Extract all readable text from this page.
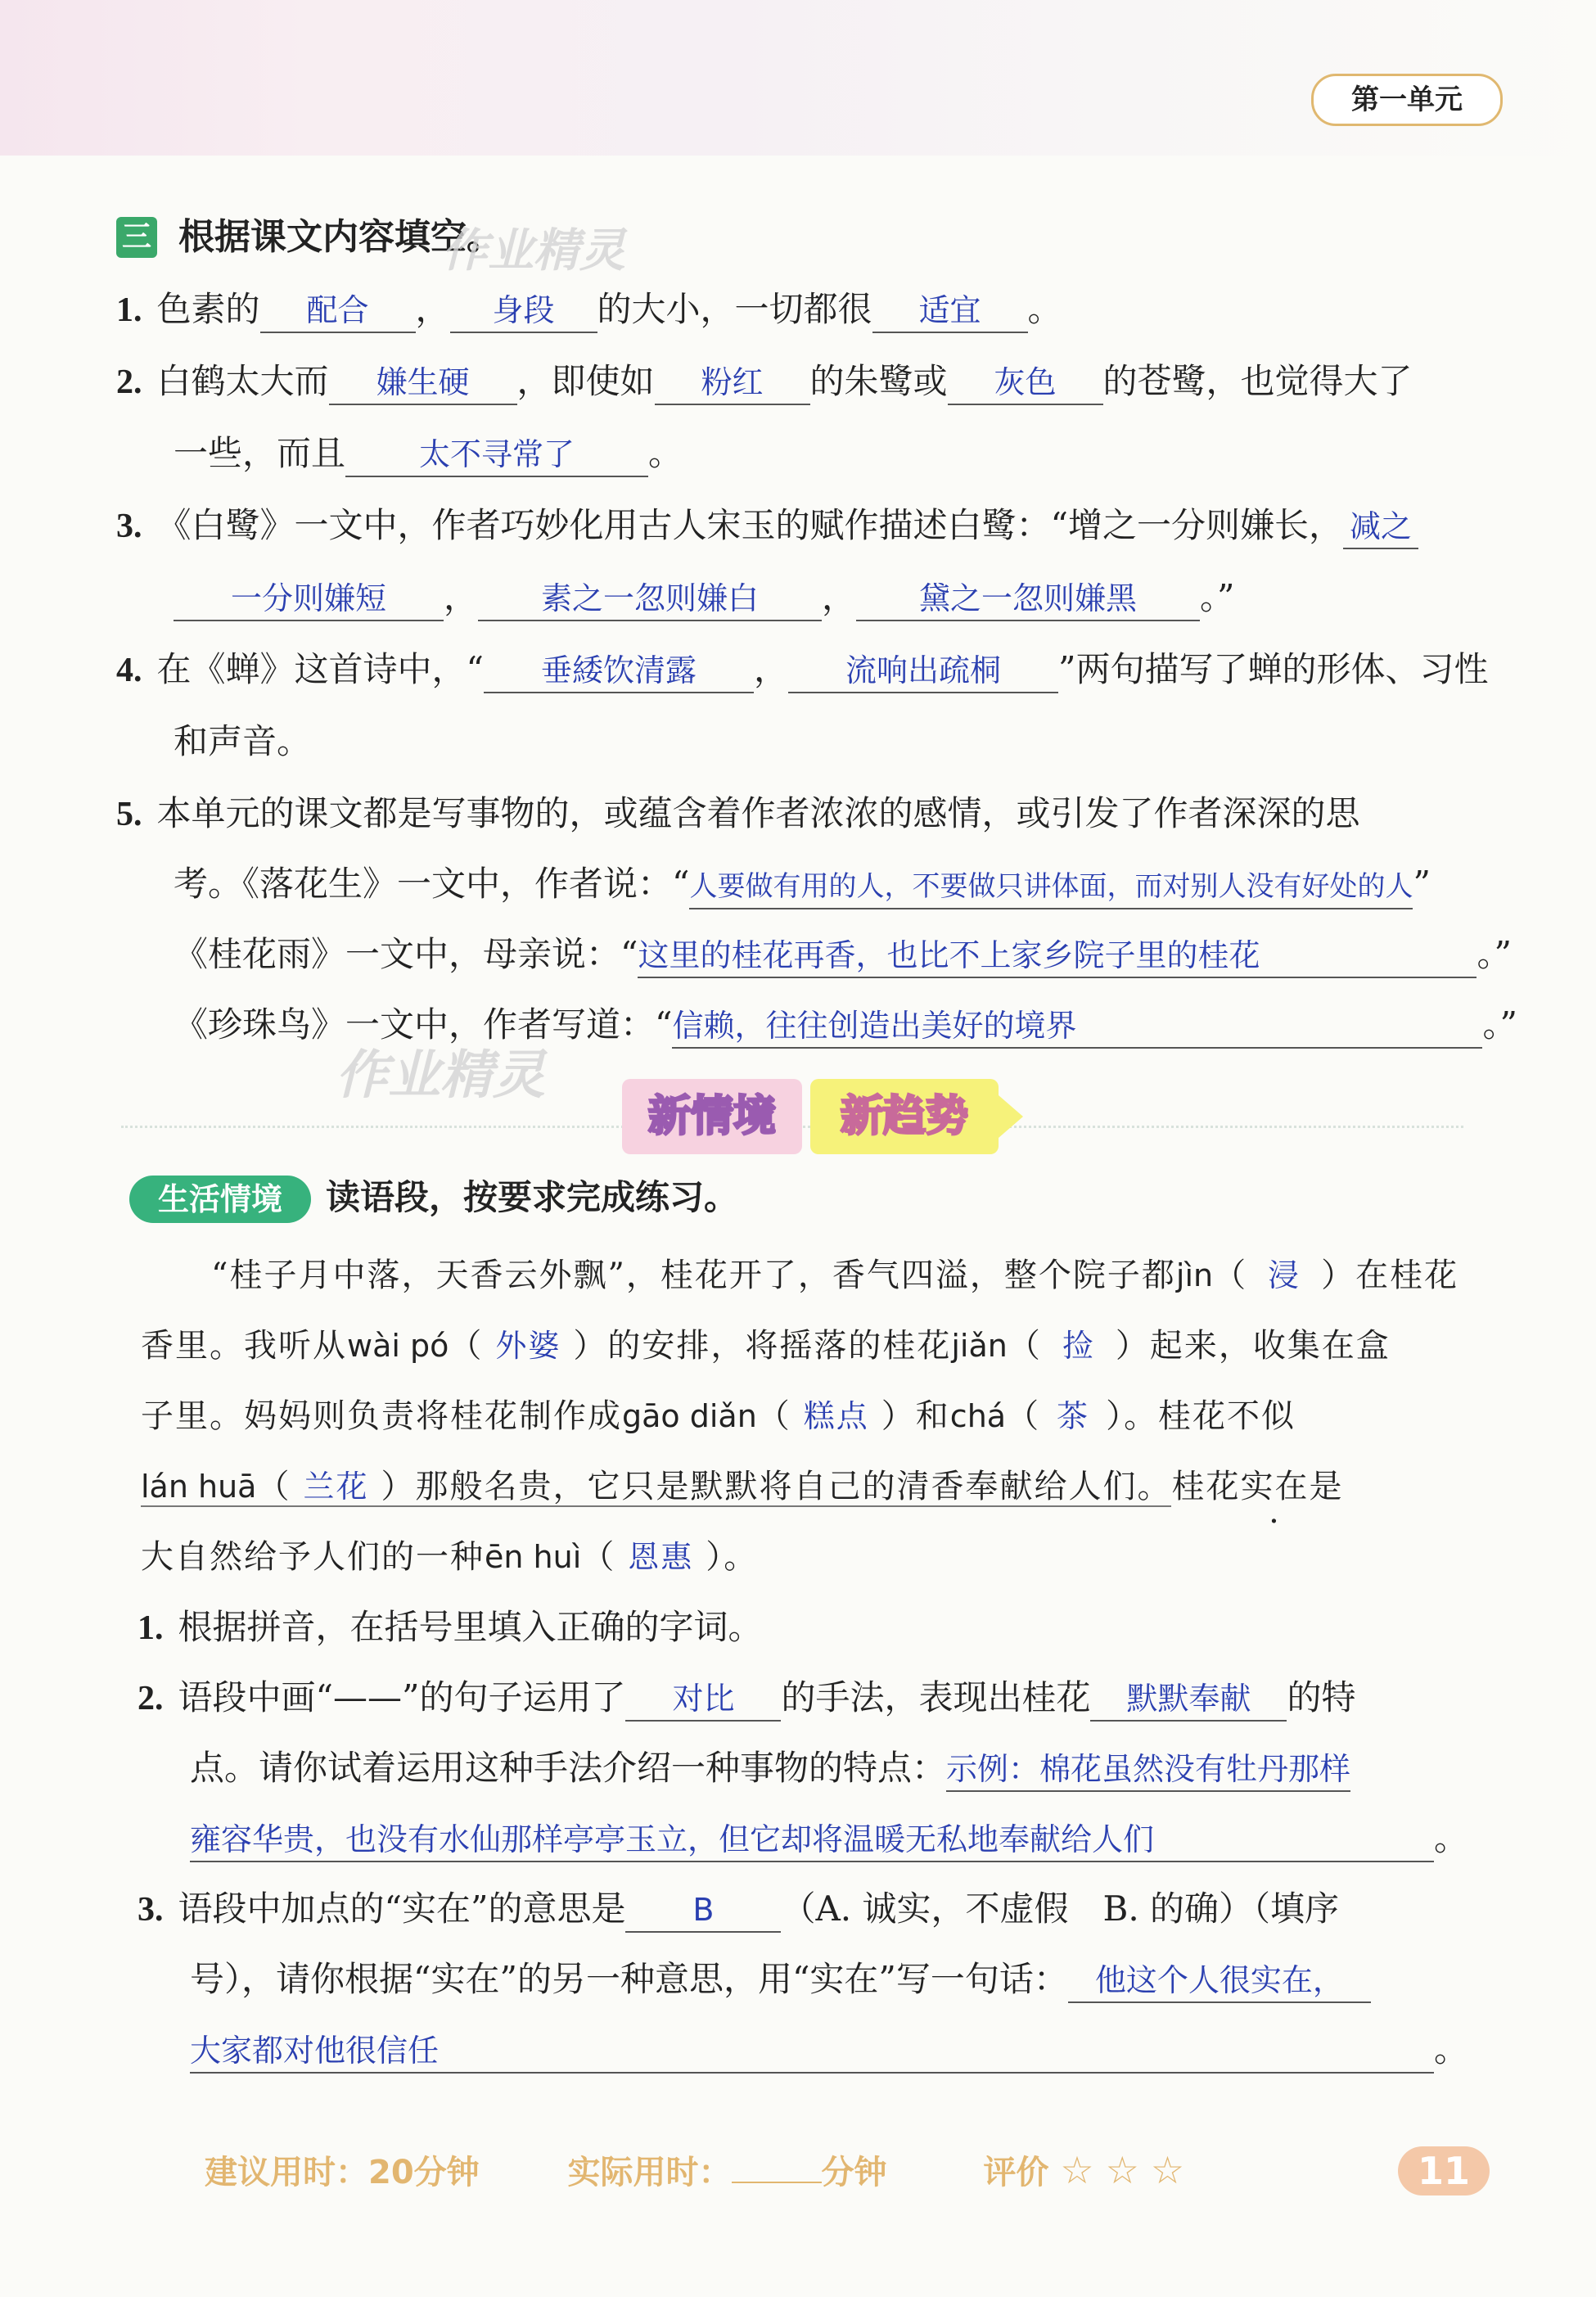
第一单元
三 根据课文内容填空。
作业精灵
1. 色素的 配合 ， 身段 的大小，一切都很 适宜 。
2. 白鹤太大而 嫌生硬 ，即使如 粉红 的朱鹭或 灰色 的苍鹭，也觉得大了
一些，而且 太不寻常了 。
3. 《白鹭》一文中，作者巧妙化用古人宋玉的赋作描述白鹭：“增之一分则嫌长， 减之
一分则嫌短 ， 素之一忽则嫌白 ， 黛之一忽则嫌黑 。”
4. 在《蝉》这首诗中，“ 垂緌饮清露 ， 流响出疏桐 ”两句描写了蝉的形体、习性
和声音。
5. 本单元的课文都是写事物的，或蕴含着作者浓浓的感情，或引发了作者深深的思
考。《落花生》一文中，作者说：“人要做有用的人，不要做只讲体面，而对别人没有好处的人”
《桂花雨》一文中，母亲说：“这里的桂花再香，也比不上家乡院子里的桂花	。”
《珍珠鸟》一文中，作者写道：“信赖，往往创造出美好的境界	。”
作业精灵
新情境	新趋势
生活情境	读语段，按要求完成练习。
“桂子月中落，天香云外飘”，桂花开了，香气四溢，整个院子都jìn（ 浸 ）在桂花
香里。我听从wài pó（ 外婆 ）的安排，将摇落的桂花jiǎn（ 捡 ）起来，收集在盒
子里。妈妈则负责将桂花制作成gāo diǎn（ 糕点 ）和chá（ 茶 ）。桂花不似
lán huā（ 兰花 ）那般名贵，它只是默默将自己的清香奉献给人们。桂花实在是
大自然给予人们的一种ēn huì（ 恩惠 ）。
1. 根据拼音，在括号里填入正确的字词。
2. 语段中画“——”的句子运用了 对比 的手法，表现出桂花 默默奉献 的特
点。请你试着运用这种手法介绍一种事物的特点：示例：棉花虽然没有牡丹那样
雍容华贵，也没有水仙那样亭亭玉立，但它却将温暖无私地奉献给人们	。
3. 语段中加点的“实在”的意思是 B （A. 诚实，不虚假　B. 的确）（填序
号），请你根据“实在”的另一种意思，用“实在”写一句话： 他这个人很实在，
大家都对他很信任	。
建议用时：20分钟	实际用时：	分钟	评价 ☆ ☆ ☆	11
